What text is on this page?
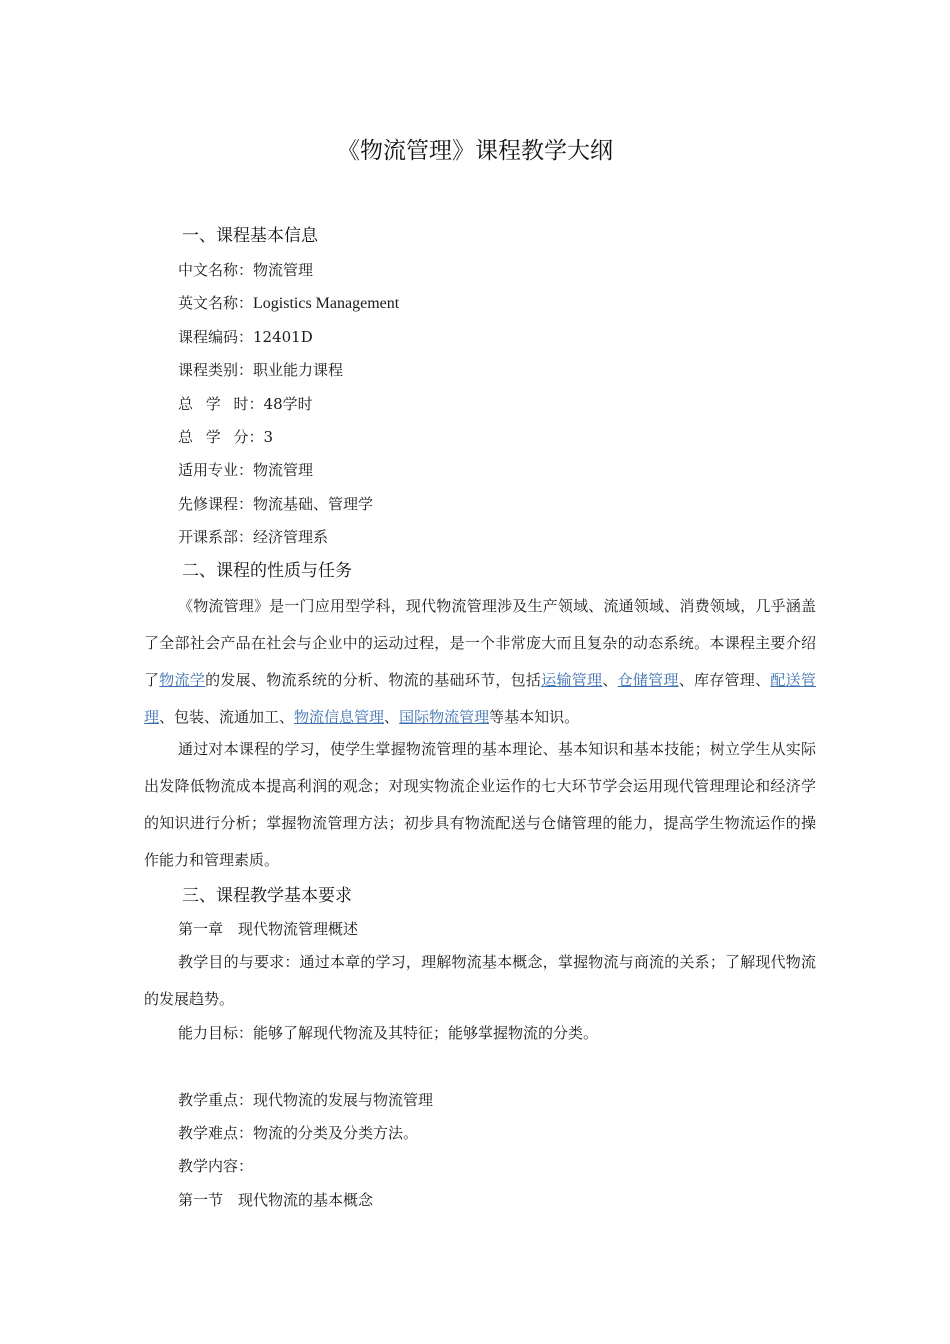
《物流管理》课程教学大纲
一、课程基本信息
中文名称：物流管理
英文名称：Logistics Management
课程编码：12401D
课程类别：职业能力课程
总 学 时：48学时
总 学 分：3
适用专业：物流管理
先修课程：物流基础、管理学
开课系部：经济管理系
二、课程的性质与任务
《物流管理》是一门应用型学科，现代物流管理涉及生产领域、流通领域、消费领域，几乎涵盖了全部社会产品在社会与企业中的运动过程，是一个非常庞大而且复杂的动态系统。本课程主要介绍了物流学的发展、物流系统的分析、物流的基础环节，包括运输管理、仓储管理、库存管理、配送管理、包装、流通加工、物流信息管理、国际物流管理等基本知识。
通过对本课程的学习，使学生掌握物流管理的基本理论、基本知识和基本技能；树立学生从实际出发降低物流成本提高利润的观念；对现实物流企业运作的七大环节学会运用现代管理理论和经济学的知识进行分析；掌握物流管理方法；初步具有物流配送与仓储管理的能力，提高学生物流运作的操作能力和管理素质。
三、课程教学基本要求
第一章　现代物流管理概述
教学目的与要求：通过本章的学习，理解物流基本概念，掌握物流与商流的关系；了解现代物流的发展趋势。
能力目标：能够了解现代物流及其特征；能够掌握物流的分类。
教学重点：现代物流的发展与物流管理
教学难点：物流的分类及分类方法。
教学内容：
第一节　现代物流的基本概念
